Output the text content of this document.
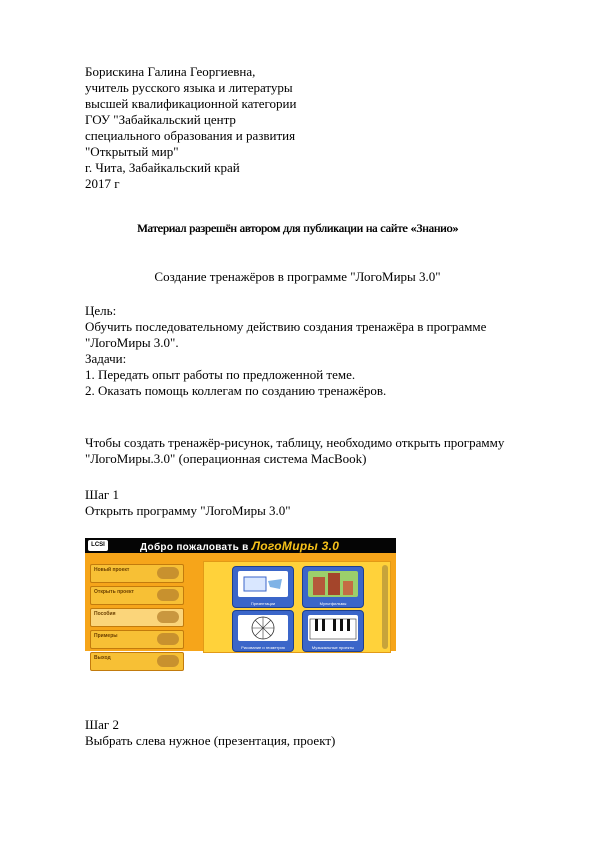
Борискина Галина Георгиевна,
учитель русского языка и литературы
высшей квалификационной категории
ГОУ "Забайкальский центр
специального образования и развития
"Открытый мир"
г. Чита, Забайкальский край
2017 г
Материал разрешён автором для публикации на сайте «Знанио»
Создание тренажёров в программе "ЛогоМиры 3.0"
Цель:
Обучить последовательному действию создания тренажёра в программе
"ЛогоМиры 3.0".
Задачи:
1. Передать опыт работы по предложенной теме.
2. Оказать помощь коллегам по созданию тренажёров.
Чтобы создать тренажёр-рисунок, таблицу, необходимо открыть программу
"ЛогоМиры.3.0" (операционная система MacBook)
Шаг 1
Открыть программу "ЛогоМиры 3.0"
LCSI	Добро пожаловать в ЛогоМиры 3.0
Новый проект
Открыть проект
Пособия
Примеры
Выход
Презентации	Мультфильмы
Рисование и геометрия	Музыкальные проекты
Шаг 2
Выбрать слева нужное (презентация, проект)
